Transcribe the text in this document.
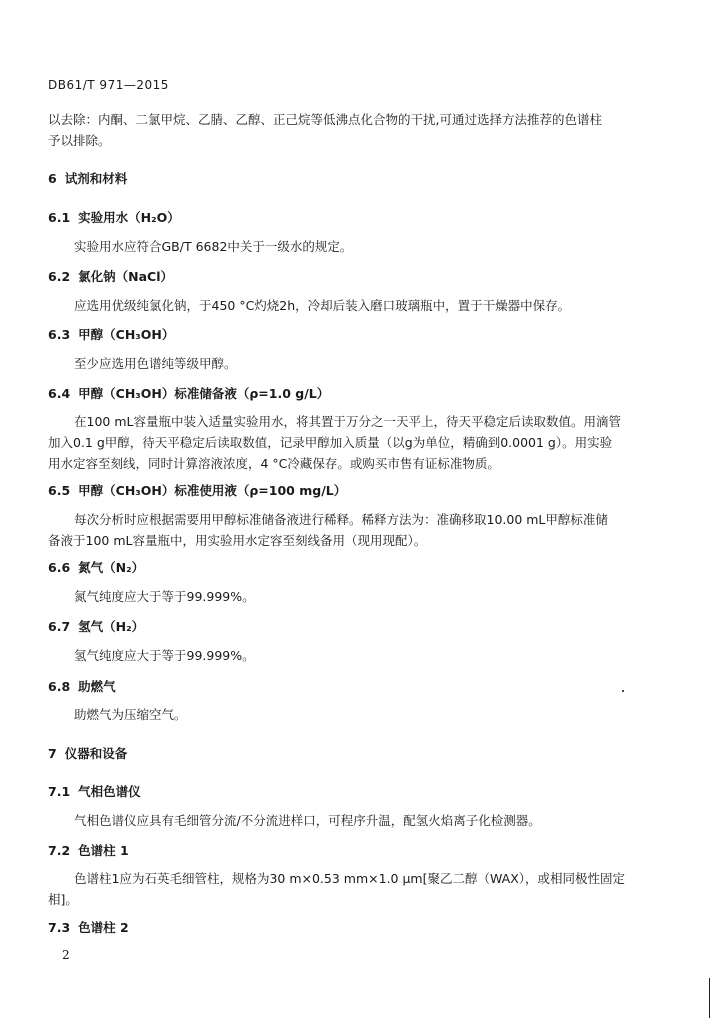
DB61/T 971—2015
以去除：内酮、二氯甲烷、乙腈、乙醇、正己烷等低沸点化合物的干扰,可通过选择方法推荐的色谱柱
予以排除。
6 试剂和材料
6.1 实验用水（H₂O）
实验用水应符合GB/T 6682中关于一级水的规定。
6.2 氯化钠（NaCl）
应选用优级纯氯化钠，于450 °C灼烧2h，冷却后装入磨口玻璃瓶中，置于干燥器中保存。
6.3 甲醇（CH₃OH）
至少应选用色谱纯等级甲醇。
6.4 甲醇（CH₃OH）标准储备液（ρ=1.0 g/L）
在100 mL容量瓶中装入适量实验用水，将其置于万分之一天平上，待天平稳定后读取数值。用滴管
加入0.1 g甲醇，待天平稳定后读取数值，记录甲醇加入质量（以g为单位，精确到0.0001 g）。用实验
用水定容至刻线，同时计算溶液浓度，4 °C冷藏保存。或购买市售有证标准物质。
6.5 甲醇（CH₃OH）标准使用液（ρ=100 mg/L）
每次分析时应根据需要用甲醇标准储备液进行稀释。稀释方法为：准确移取10.00 mL甲醇标准储
备液于100 mL容量瓶中，用实验用水定容至刻线备用（现用现配）。
6.6 氮气（N₂）
氮气纯度应大于等于99.999%。
6.7 氢气（H₂）
氢气纯度应大于等于99.999%。
6.8 助燃气
助燃气为压缩空气。
7 仪器和设备
7.1 气相色谱仪
气相色谱仪应具有毛细管分流/不分流进样口，可程序升温，配氢火焰离子化检测器。
7.2 色谱柱 1
色谱柱1应为石英毛细管柱，规格为30 m×0.53 mm×1.0 μm[聚乙二醇（WAX），或相同极性固定
相]。
7.3 色谱柱 2
2
